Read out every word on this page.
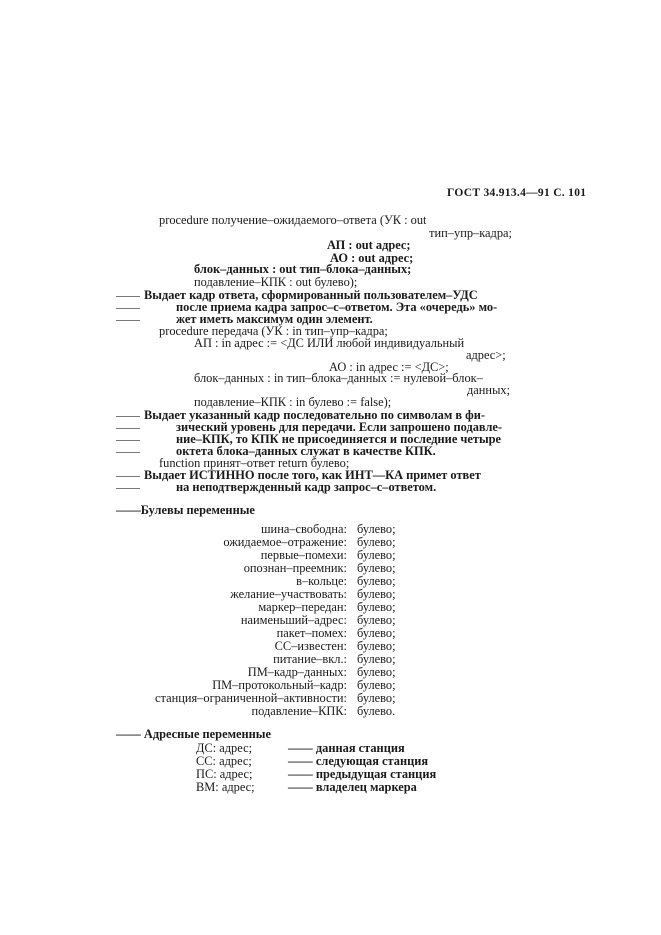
ГОСТ 34.913.4—91 С. 101
procedure получение–ожидаемого–ответа (УК : out
тип–упр–кадра;
АП : out адрес;
АО : out адрес;
блок–данных : out тип–блока–данных;
подавление–КПК : out булево);
—— Выдает кадр ответа, сформированный пользователем–УДС
——	после приема кадра запрос–с–ответом. Эта «очередь» мо-
——	жет иметь максимум один элемент.
procedure передача (УК : in тип–упр–кадра;
АП : in адрес := <ДС ИЛИ любой индивидуальный
адрес>;
АО : in адрес := <ДС>;
блок–данных : in тип–блока–данных := нулевой–блок–
данных;
подавление–КПК : in булево := false);
—— Выдает указанный кадр последовательно по символам в фи-
——	зический уровень для передачи. Если запрошено подавле-
——	ние–КПК, то КПК не присоединяется и последние четыре
——	октета блока–данных служат в качестве КПК.
function принят–ответ return булево;
—— Выдает ИСТИННО после того, как ИНТ—КА примет ответ
——	на неподтвержденный кадр запрос–с–ответом.
——Булевы переменные
шина–свободна: булево;
ожидаемое–отражение: булево;
первые–помехи: булево;
опознан–преемник: булево;
в–кольце: булево;
желание–участвовать: булево;
маркер–передан: булево;
наименьший–адрес: булево;
пакет–помех: булево;
СС–известен: булево;
питание–вкл.: булево;
ПМ–кадр–данных: булево;
ПМ–протокольный–кадр: булево;
станция–ограниченной–активности: булево;
подавление–КПК: булево.
—— Адресные переменные
ДС: адрес;	—— данная станция
СС: адрес;	—— следующая станция
ПС: адрес;	—— предыдущая станция
ВМ: адрес;	—— владелец маркера
